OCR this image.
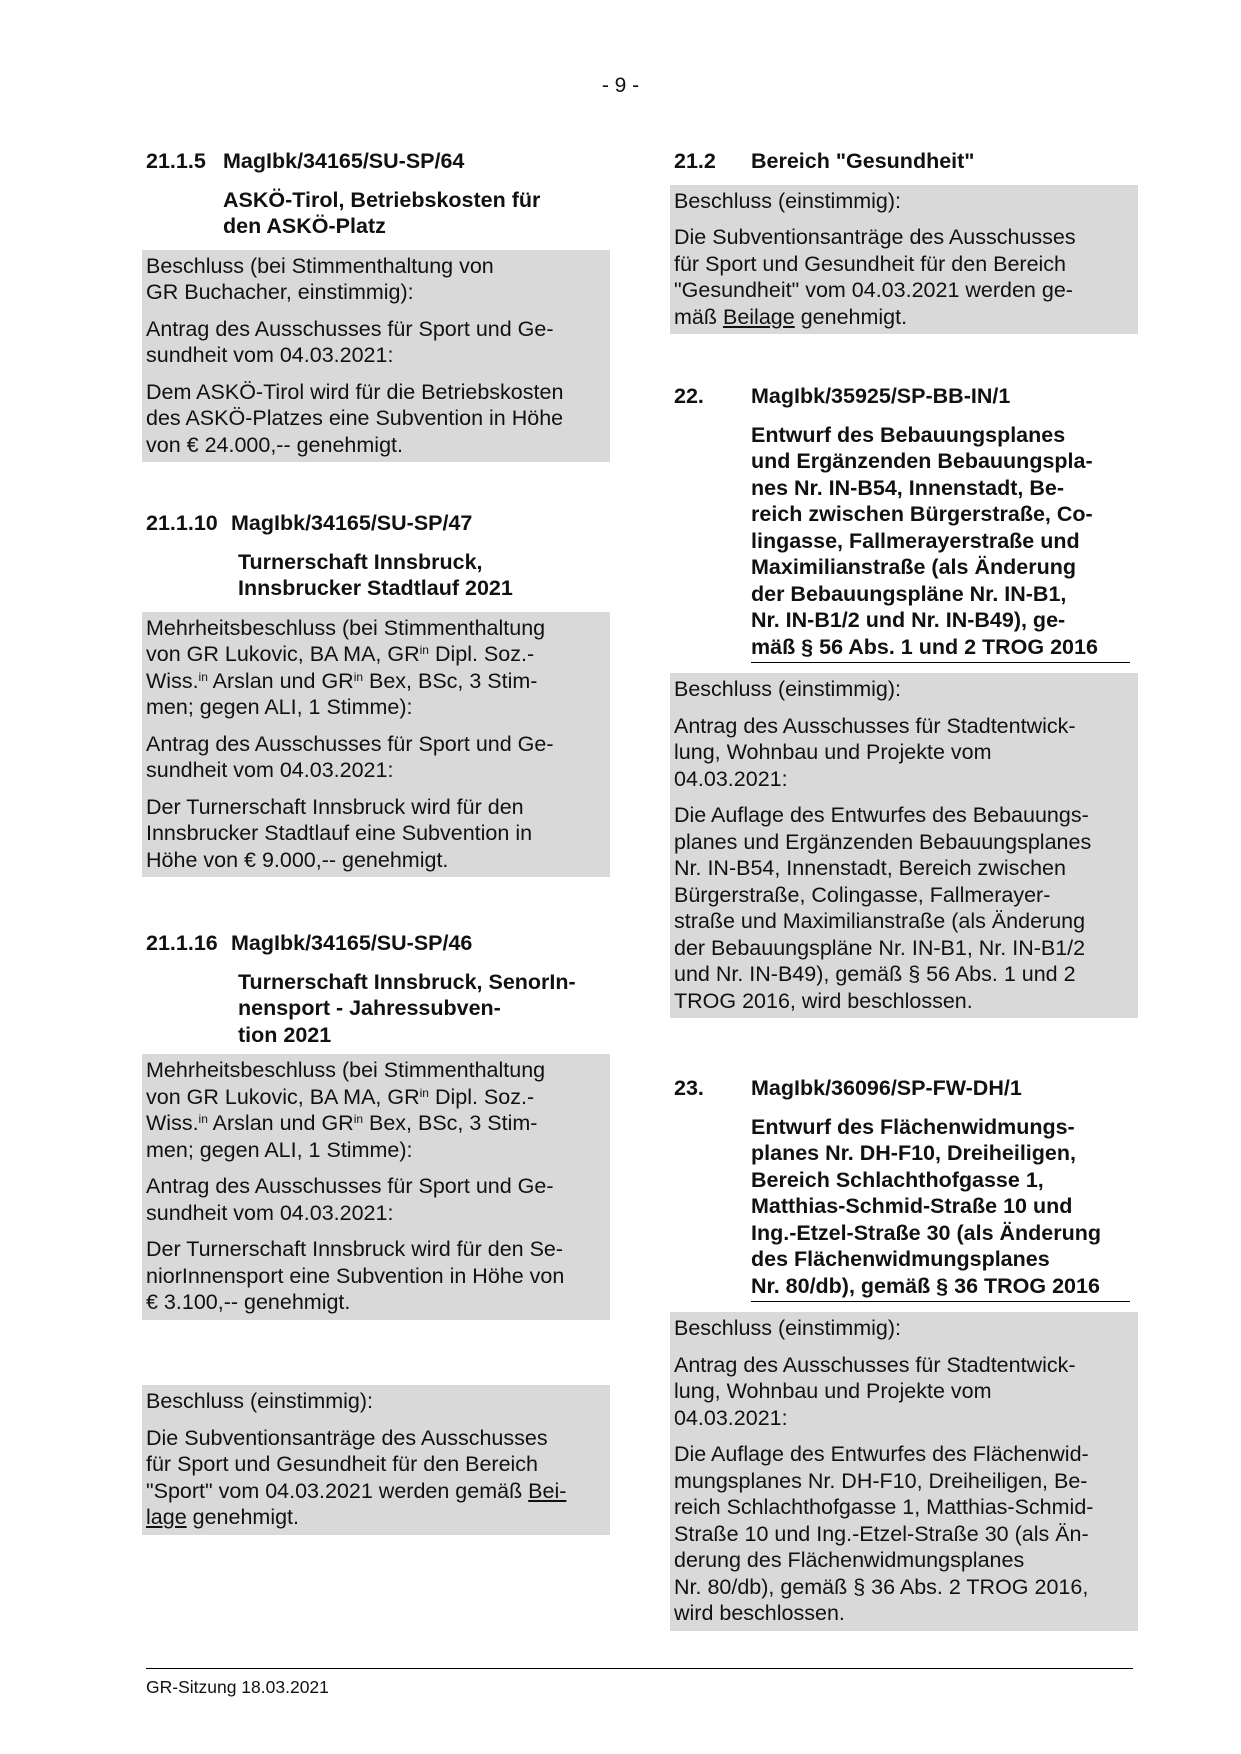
- 9 -
21.1.5 MagIbk/34165/SU-SP/64
ASKÖ-Tirol, Betriebskosten für
den ASKÖ-Platz

Beschluss (bei Stimmenthaltung von
GR Buchacher, einstimmig):

Antrag des Ausschusses für Sport und Ge-
sundheit vom 04.03.2021:

Dem ASKÖ-Tirol wird für die Betriebskosten
des ASKÖ-Platzes eine Subvention in Höhe
von € 24.000,-- genehmigt.

21.1.10 MagIbk/34165/SU-SP/47
Turnerschaft Innsbruck,
Innsbrucker Stadtlauf 2021

Mehrheitsbeschluss (bei Stimmenthaltung
von GR Lukovic, BA MA, $GR^{in}$ Dipl. Soz.-
Wiss.$^{in}$ Arslan und $GR^{in}$ Bex, BSc, 3 Stim-
men; gegen ALI, 1 Stimme):

Antrag des Ausschusses für Sport und Ge-
sundheit vom 04.03.2021:

Der Turnerschaft Innsbruck wird für den
Innsbrucker Stadtlauf eine Subvention in
Höhe von € 9.000,-- genehmigt.

21.1.16 MagIbk/34165/SU-SP/46
Turnerschaft Innsbruck, SenorIn-
nensport - Jahressubven-
tion 2021

Mehrheitsbeschluss (bei Stimmenthaltung
von GR Lukovic, BA MA, $GR^{in}$ Dipl. Soz.-
Wiss.$^{in}$ Arslan und $GR^{in}$ Bex, BSc, 3 Stim-
men; gegen ALI, 1 Stimme):

Antrag des Ausschusses für Sport und Ge-
sundheit vom 04.03.2021:

Der Turnerschaft Innsbruck wird für den Se-
niorInnensport eine Subvention in Höhe von
€ 3.100,-- genehmigt.

Beschluss (einstimmig):

Die Subventionsanträge des Ausschusses
für Sport und Gesundheit für den Bereich
"Sport" vom 04.03.2021 werden gemäß Bei-
lage genehmigt.

21.2	Bereich "Gesundheit"

Beschluss (einstimmig):

Die Subventionsanträge des Ausschusses
für Sport und Gesundheit für den Bereich
"Gesundheit" vom 04.03.2021 werden ge-
mäß Beilage genehmigt.

22.	MagIbk/35925/SP-BB-IN/1
Entwurf des Bebauungsplanes
und Ergänzenden Bebauungspla-
nes Nr. IN-B54, Innenstadt, Be-
reich zwischen Bürgerstraße, Co-
lingasse, Fallmerayerstraße und
Maximilianstraße (als Änderung
der Bebauungspläne Nr. IN-B1,
Nr. IN-B1/2 und Nr. IN-B49), ge-
mäß § 56 Abs. 1 und 2 TROG 2016

Beschluss (einstimmig):

Antrag des Ausschusses für Stadtentwick-
lung, Wohnbau und Projekte vom
04.03.2021:

Die Auflage des Entwurfes des Bebauungs-
planes und Ergänzenden Bebauungsplanes
Nr. IN-B54, Innenstadt, Bereich zwischen
Bürgerstraße, Colingasse, Fallmerayer-
straße und Maximilianstraße (als Änderung
der Bebauungspläne Nr. IN-B1, Nr. IN-B1/2
und Nr. IN-B49), gemäß § 56 Abs. 1 und 2
TROG 2016, wird beschlossen.

23.	MagIbk/36096/SP-FW-DH/1
Entwurf des Flächenwidmungs-
planes Nr. DH-F10, Dreiheiligen,
Bereich Schlachthofgasse 1,
Matthias-Schmid-Straße 10 und
Ing.-Etzel-Straße 30 (als Änderung
des Flächenwidmungsplanes
Nr. 80/db), gemäß § 36 TROG 2016

Beschluss (einstimmig):

Antrag des Ausschusses für Stadtentwick-
lung, Wohnbau und Projekte vom
04.03.2021:

Die Auflage des Entwurfes des Flächenwid-
mungsplanes Nr. DH-F10, Dreiheiligen, Be-
reich Schlachthofgasse 1, Matthias-Schmid-
Straße 10 und Ing.-Etzel-Straße 30 (als Än-
derung des Flächenwidmungsplanes
Nr. 80/db), gemäß § 36 Abs. 2 TROG 2016,
wird beschlossen.

GR-Sitzung 18.03.2021
